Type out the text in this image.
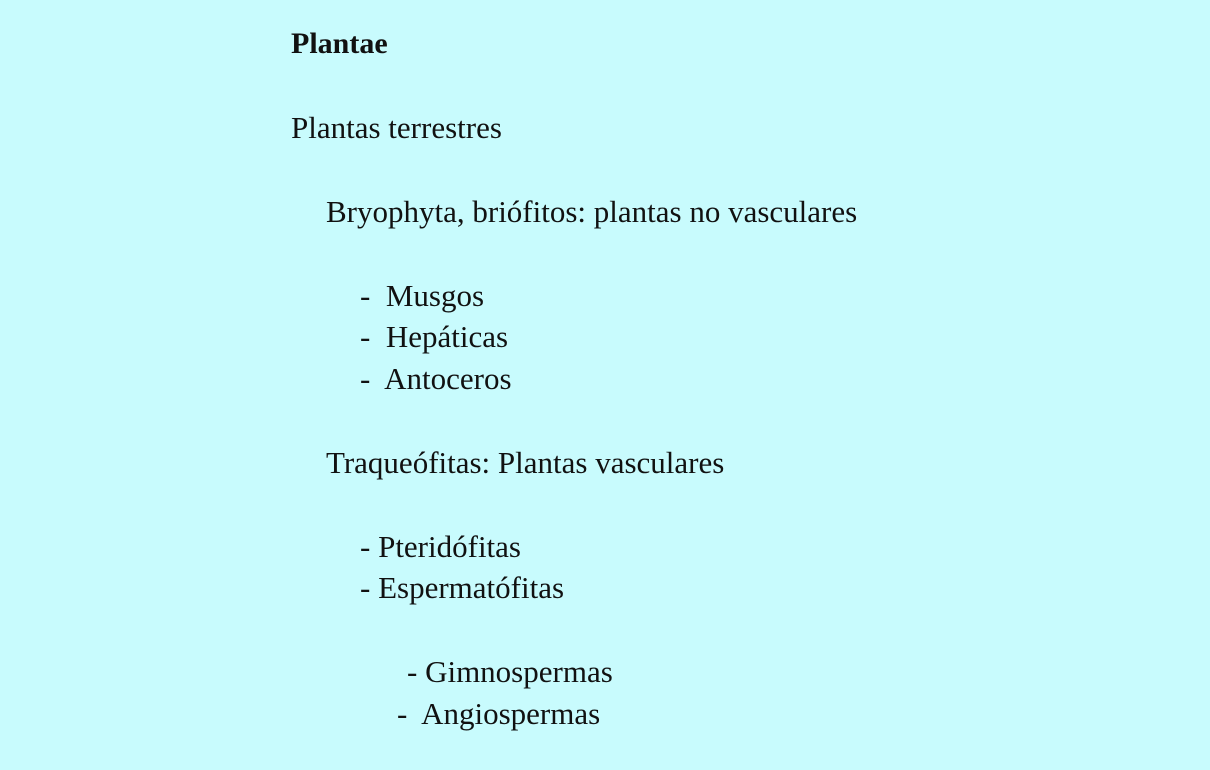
Plantae
Plantas terrestres
Bryophyta, briófitos: plantas no vasculares
-  Musgos
-  Hepáticas
-  Antoceros
Traqueófitas: Plantas vasculares
- Pteridófitas
- Espermatófitas
- Gimnospermas
-  Angiospermas
